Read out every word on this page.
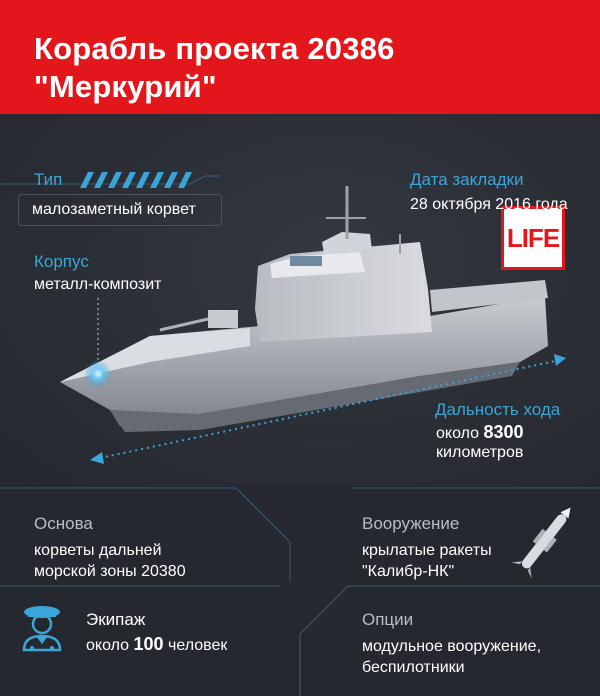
Корабль проекта 20386
"Меркурий"
LIFE
Тип
малозаметный корвет
Корпус
металл-композит
Дата закладки
28 октября 2016 года
Дальность хода
около 8300
километров
Основа
корветы дальней
морской зоны 20380
Вооружение
крылатые ракеты
"Калибр-НК"
Экипаж
около 100 человек
Опции
модульное вооружение,
беспилотники
